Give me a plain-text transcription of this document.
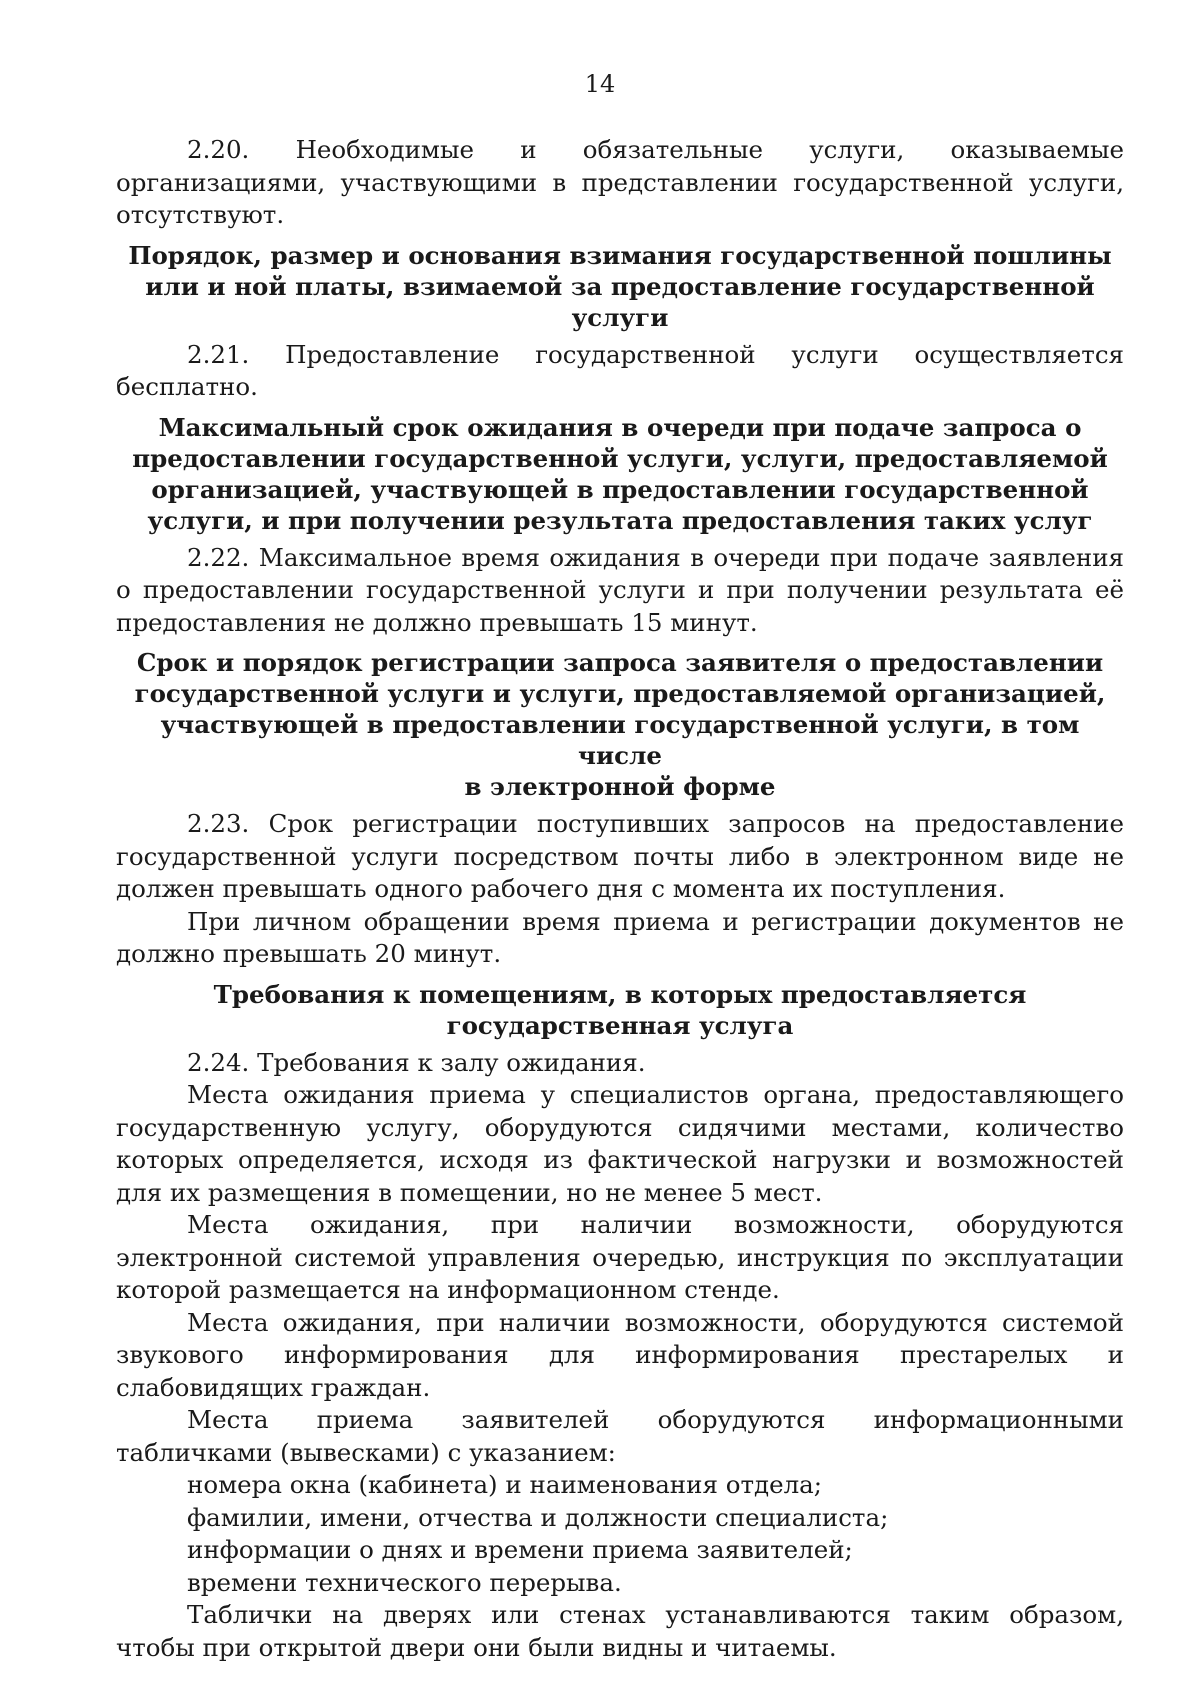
14

2.20. Необходимые и обязательные услуги, оказываемые организациями, участвующими в представлении государственной услуги, отсутствуют.

Порядок, размер и основания взимания государственной пошлины или и ной платы, взимаемой за предоставление государственной услуги

2.21. Предоставление государственной услуги осуществляется бесплатно.

Максимальный срок ожидания в очереди при подаче запроса о предоставлении государственной услуги, услуги, предоставляемой организацией, участвующей в предоставлении государственной услуги, и при получении результата предоставления таких услуг

2.22. Максимальное время ожидания в очереди при подаче заявления о предоставлении государственной услуги и при получении результата её предоставления не должно превышать 15 минут.

Срок и порядок регистрации запроса заявителя о предоставлении государственной услуги и услуги, предоставляемой организацией, участвующей в предоставлении государственной услуги, в том числе
в электронной форме

2.23. Срок регистрации поступивших запросов на предоставление государственной услуги посредством почты либо в электронном виде не должен превышать одного рабочего дня с момента их поступления.

При личном обращении время приема и регистрации документов не должно превышать 20 минут.

Требования к помещениям, в которых предоставляется государственная услуга

2.24. Требования к залу ожидания.

Места ожидания приема у специалистов органа, предоставляющего государственную услугу, оборудуются сидячими местами, количество которых определяется, исходя из фактической нагрузки и возможностей для их размещения в помещении, но не менее 5 мест.

Места ожидания, при наличии возможности, оборудуются электронной системой управления очередью, инструкция по эксплуатации которой размещается на информационном стенде.

Места ожидания, при наличии возможности, оборудуются системой звукового информирования для информирования престарелых и слабовидящих граждан.

Места приема заявителей оборудуются информационными табличками (вывесками) с указанием:

номера окна (кабинета) и наименования отдела;
фамилии, имени, отчества и должности специалиста;
информации о днях и времени приема заявителей;
времени технического перерыва.

Таблички на дверях или стенах устанавливаются таким образом, чтобы при открытой двери они были видны и читаемы.
